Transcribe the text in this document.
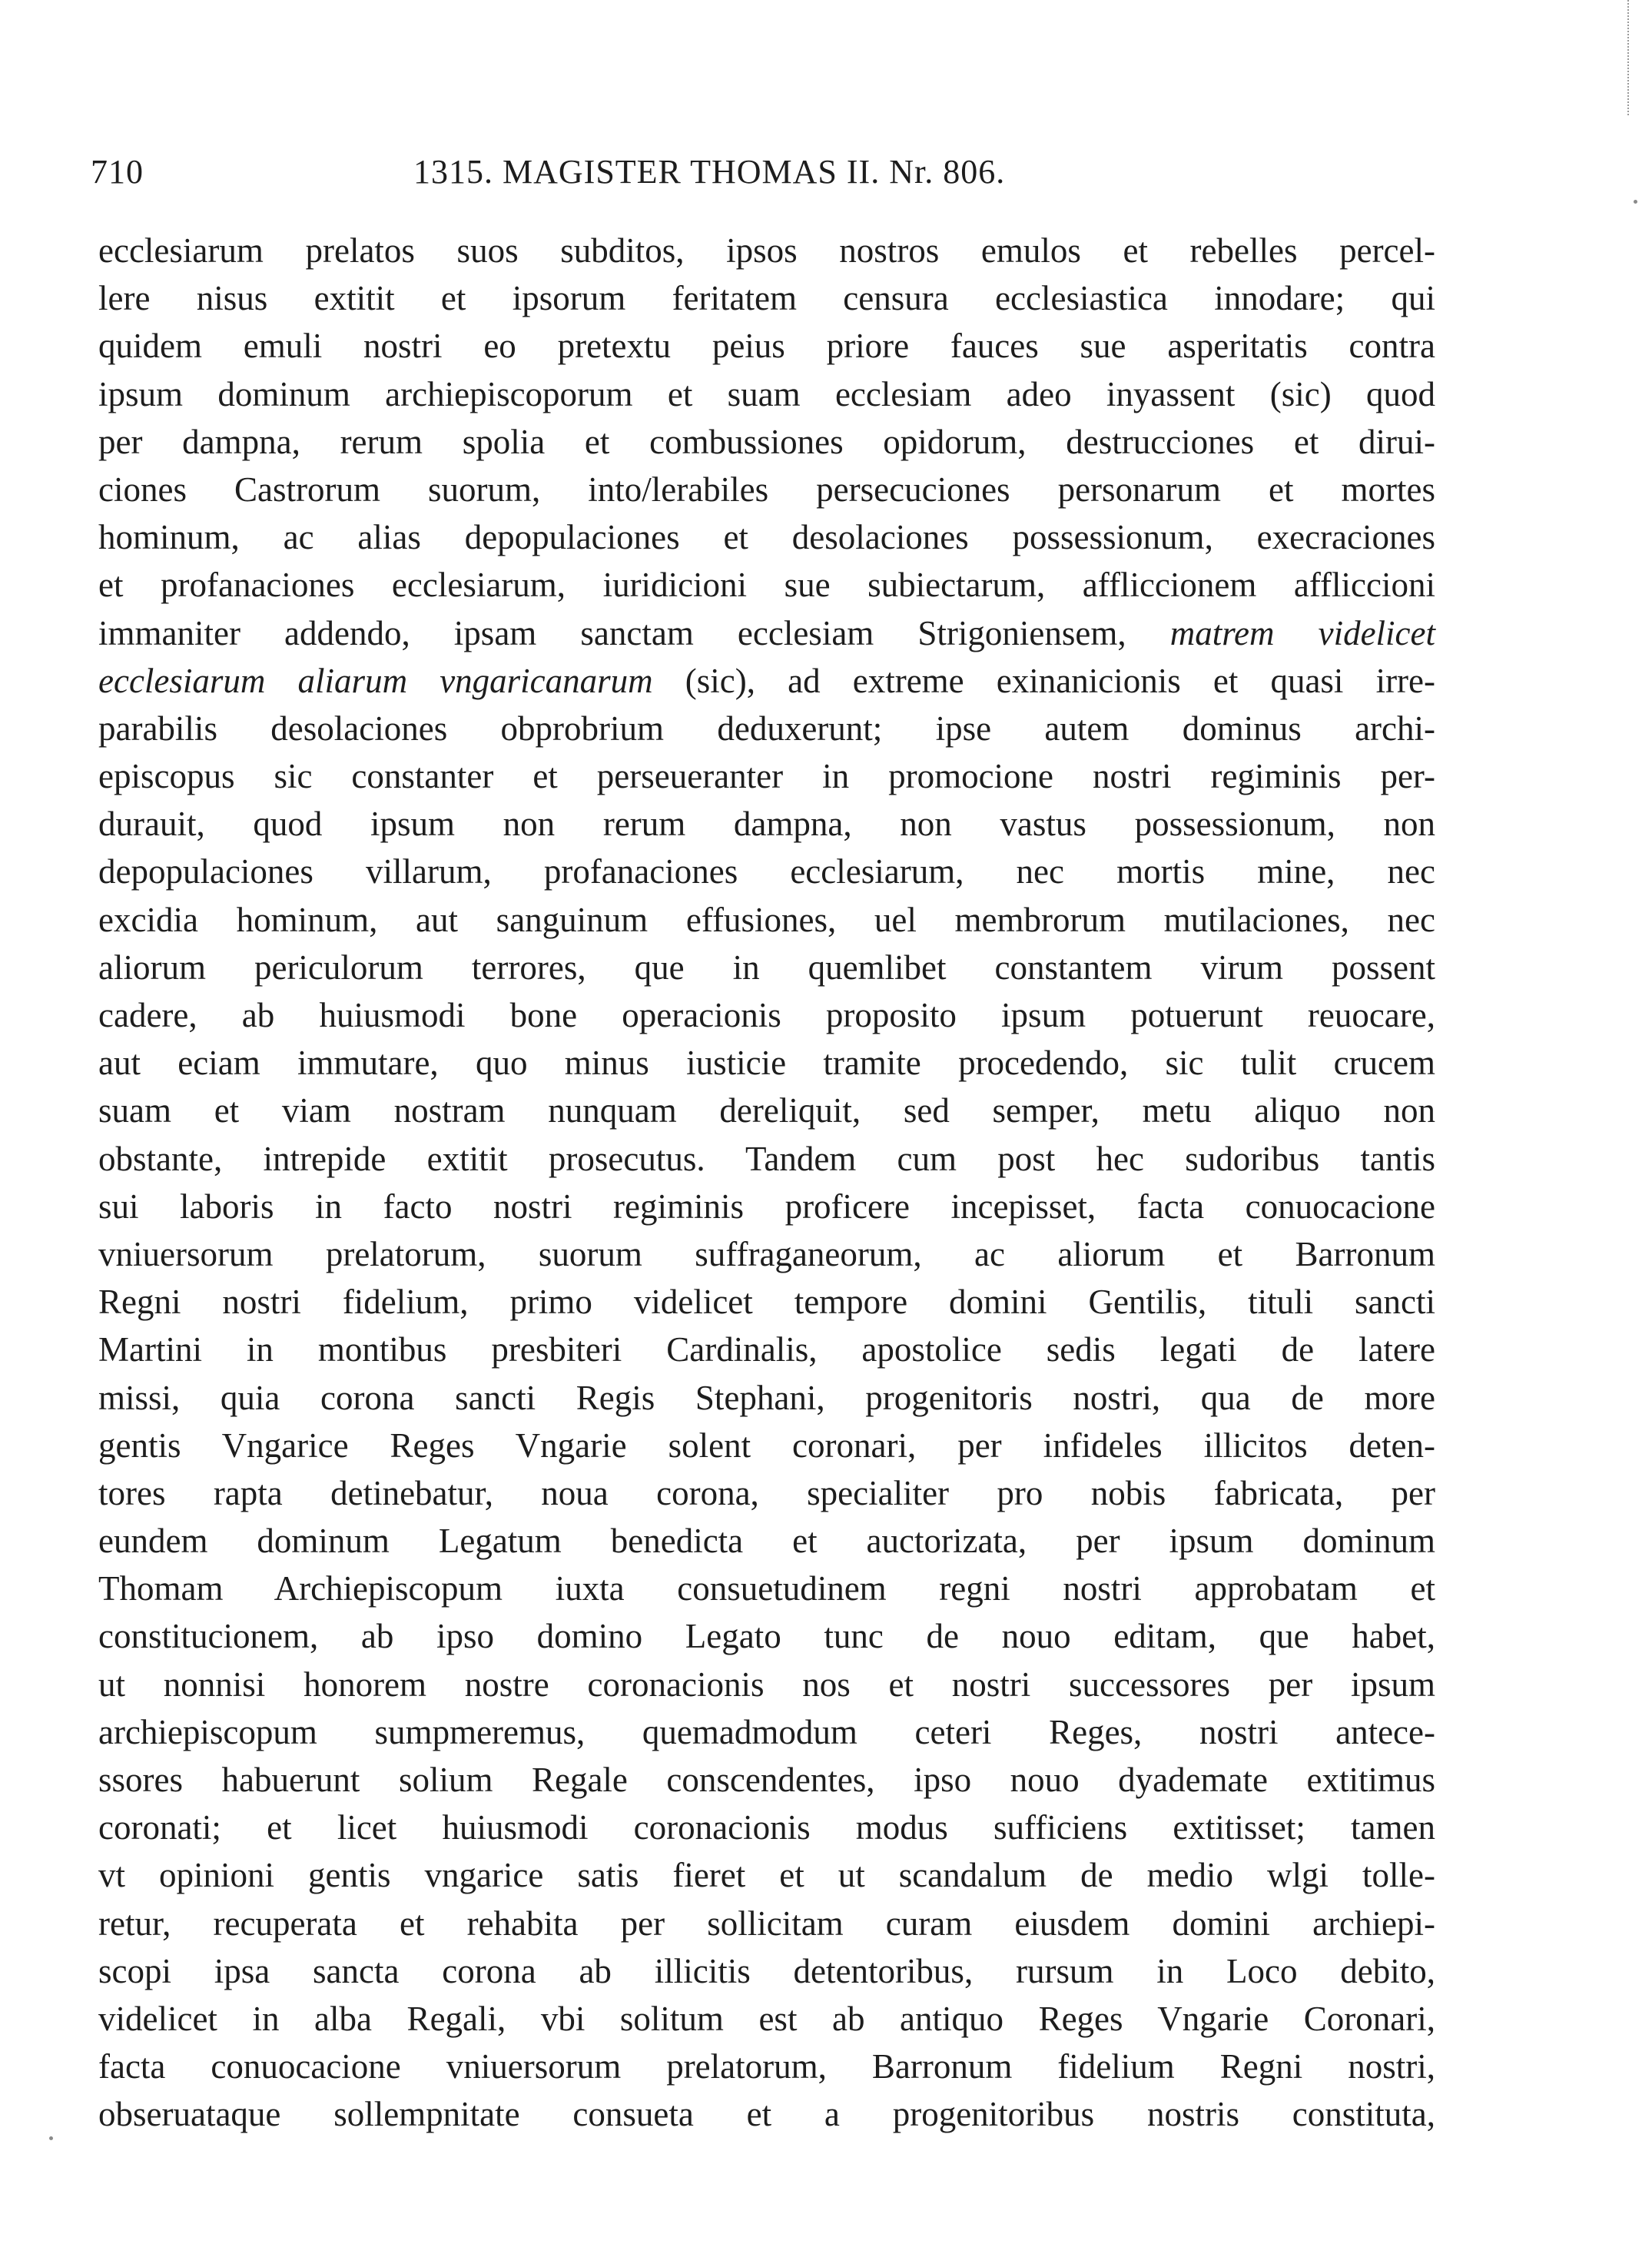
710	1315. MAGISTER THOMAS II. Nr. 806.
ecclesiarum prelatos suos subditos, ipsos nostros emulos et rebelles percel-
lere nisus extitit et ipsorum feritatem censura ecclesiastica innodare; qui
quidem emuli nostri eo pretextu peius priore fauces sue asperitatis contra
ipsum dominum archiepiscoporum et suam ecclesiam adeo inyassent (sic) quod
per dampna, rerum spolia et combussiones opidorum, destrucciones et dirui-
ciones Castrorum suorum, into/lerabiles persecuciones personarum et mortes
hominum, ac alias depopulaciones et desolaciones possessionum, execraciones
et profanaciones ecclesiarum, iuridicioni sue subiectarum, affliccionem affliccioni
immaniter addendo, ipsam sanctam ecclesiam Strigoniensem, matrem videlicet
ecclesiarum aliarum vngaricanarum (sic), ad extreme exinanicionis et quasi irre-
parabilis desolaciones obprobrium deduxerunt; ipse autem dominus archi-
episcopus sic constanter et perseueranter in promocione nostri regiminis per-
durauit, quod ipsum non rerum dampna, non vastus possessionum, non
depopulaciones villarum, profanaciones ecclesiarum, nec mortis mine, nec
excidia hominum, aut sanguinum effusiones, uel membrorum mutilaciones, nec
aliorum periculorum terrores, que in quemlibet constantem virum possent
cadere, ab huiusmodi bone operacionis proposito ipsum potuerunt reuocare,
aut eciam immutare, quo minus iusticie tramite procedendo, sic tulit crucem
suam et viam nostram nunquam dereliquit, sed semper, metu aliquo non
obstante, intrepide extitit prosecutus. Tandem cum post hec sudoribus tantis
sui laboris in facto nostri regiminis proficere incepisset, facta conuocacione
vniuersorum prelatorum, suorum suffraganeorum, ac aliorum et Barronum
Regni nostri fidelium, primo videlicet tempore domini Gentilis, tituli sancti
Martini in montibus presbiteri Cardinalis, apostolice sedis legati de latere
missi, quia corona sancti Regis Stephani, progenitoris nostri, qua de more
gentis Vngarice Reges Vngarie solent coronari, per infideles illicitos deten-
tores rapta detinebatur, noua corona, specialiter pro nobis fabricata, per
eundem dominum Legatum benedicta et auctorizata, per ipsum dominum
Thomam Archiepiscopum iuxta consuetudinem regni nostri approbatam et
constitucionem, ab ipso domino Legato tunc de nouo editam, que habet,
ut nonnisi honorem nostre coronacionis nos et nostri successores per ipsum
archiepiscopum sumpmeremus, quemadmodum ceteri Reges, nostri antece-
ssores habuerunt solium Regale conscendentes, ipso nouo dyademate extitimus
coronati; et licet huiusmodi coronacionis modus sufficiens extitisset; tamen
vt opinioni gentis vngarice satis fieret et ut scandalum de medio wlgi tolle-
retur, recuperata et rehabita per sollicitam curam eiusdem domini archiepi-
scopi ipsa sancta corona ab illicitis detentoribus, rursum in Loco debito,
videlicet in alba Regali, vbi solitum est ab antiquo Reges Vngarie Coronari,
facta conuocacione vniuersorum prelatorum, Barronum fidelium Regni nostri,
obseruataque sollempnitate consueta et a progenitoribus nostris constituta,
